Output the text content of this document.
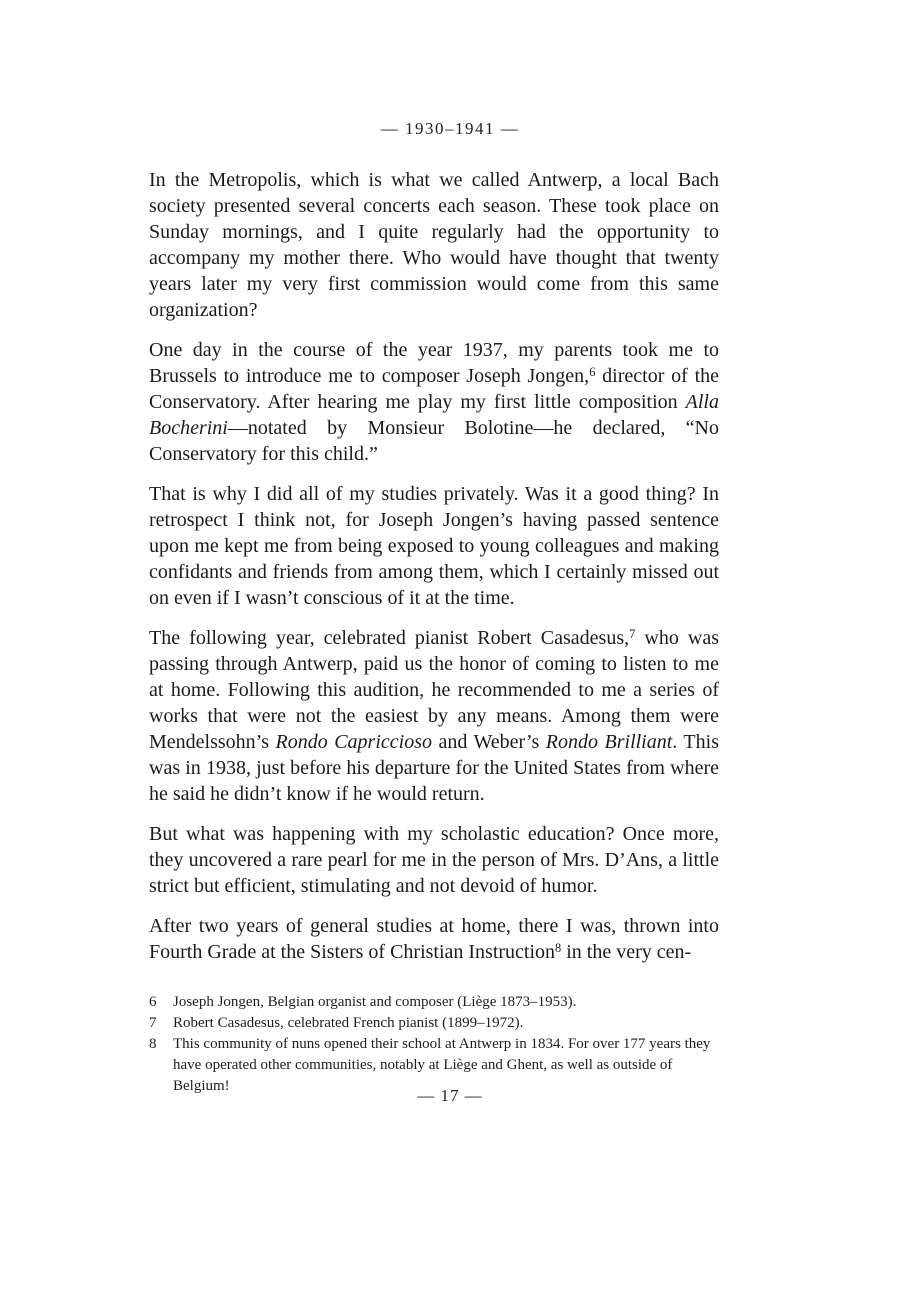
— 1930–1941 —

In the Metropolis, which is what we called Antwerp, a local Bach society presented several concerts each season. These took place on Sunday mornings, and I quite regularly had the opportunity to accompany my mother there. Who would have thought that twenty years later my very first commission would come from this same organization?

One day in the course of the year 1937, my parents took me to Brussels to introduce me to composer Joseph Jongen,$^6$ director of the Conservatory. After hearing me play my first little composition Alla Bocherini—notated by Monsieur Bolotine—he declared, “No Conservatory for this child.”

That is why I did all of my studies privately. Was it a good thing? In retrospect I think not, for Joseph Jongen’s having passed sentence upon me kept me from being exposed to young colleagues and making confidants and friends from among them, which I certainly missed out on even if I wasn’t conscious of it at the time.

The following year, celebrated pianist Robert Casadesus,$^7$ who was passing through Antwerp, paid us the honor of coming to listen to me at home. Following this audition, he recommended to me a series of works that were not the easiest by any means. Among them were Mendelssohn’s Rondo Capriccioso and Weber’s Rondo Brilliant. This was in 1938, just before his departure for the United States from where he said he didn’t know if he would return.

But what was happening with my scholastic education? Once more, they uncovered a rare pearl for me in the person of Mrs. D’Ans, a little strict but efficient, stimulating and not devoid of humor.

After two years of general studies at home, there I was, thrown into Fourth Grade at the Sisters of Christian Instruction$^8$ in the very cen-

6	Joseph Jongen, Belgian organist and composer (Liège 1873–1953).
7	Robert Casadesus, celebrated French pianist (1899–1972).
8	This community of nuns opened their school at Antwerp in 1834. For over 177 years they have operated other communities, notably at Liège and Ghent, as well as outside of Belgium!	— 17 —
